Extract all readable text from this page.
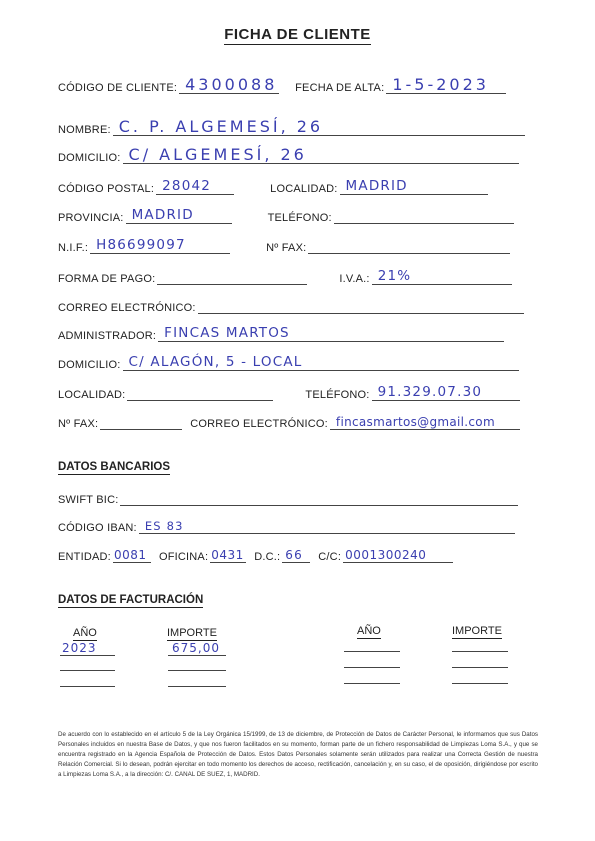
FICHA DE CLIENTE
CÓDIGO DE CLIENTE: 4300088 FECHA DE ALTA: 1-5-2023
NOMBRE: C. P. ALGEMESÍ, 26
DOMICILIO: C/ ALGEMESÍ, 26
CÓDIGO POSTAL: 28042	LOCALIDAD: MADRID
PROVINCIA: MADRID	TELÉFONO:
N.I.F.: H86699097	Nº FAX:
FORMA DE PAGO:	I.V.A.: 21%
CORREO ELECTRÓNICO:
ADMINISTRADOR: FINCAS MARTOS
DOMICILIO: C/ ALAGÓN, 5 - LOCAL
LOCALIDAD:	TELÉFONO: 91.329.07.30
Nº FAX:	CORREO ELECTRÓNICO: fincasmartos@gmail.com
DATOS BANCARIOS
SWIFT BIC:
CÓDIGO IBAN: ES 83
ENTIDAD: 0081 OFICINA: 0431 D.C.: 66 C/C: 0001300240
DATOS DE FACTURACIÓN
AÑO	IMPORTE	AÑO	IMPORTE
2023	675,00
De acuerdo con lo establecido en el artículo 5 de la Ley Orgánica 15/1999, de 13 de diciembre, de Protección de Datos de Carácter Personal, le informamos que sus Datos Personales incluidos en nuestra Base de Datos, y que nos fueron facilitados en su momento, forman parte de un fichero responsabilidad de Limpiezas Loma S.A., y que se encuentra registrado en la Agencia Española de Protección de Datos. Estos Datos Personales solamente serán utilizados para realizar una Correcta Gestión de nuestra Relación Comercial. Si lo desean, podrán ejercitar en todo momento los derechos de acceso, rectificación, cancelación y, en su caso, el de oposición, dirigiéndose por escrito a Limpiezas Loma S.A., a la dirección: C/. CANAL DE SUEZ, 1, MADRID.
